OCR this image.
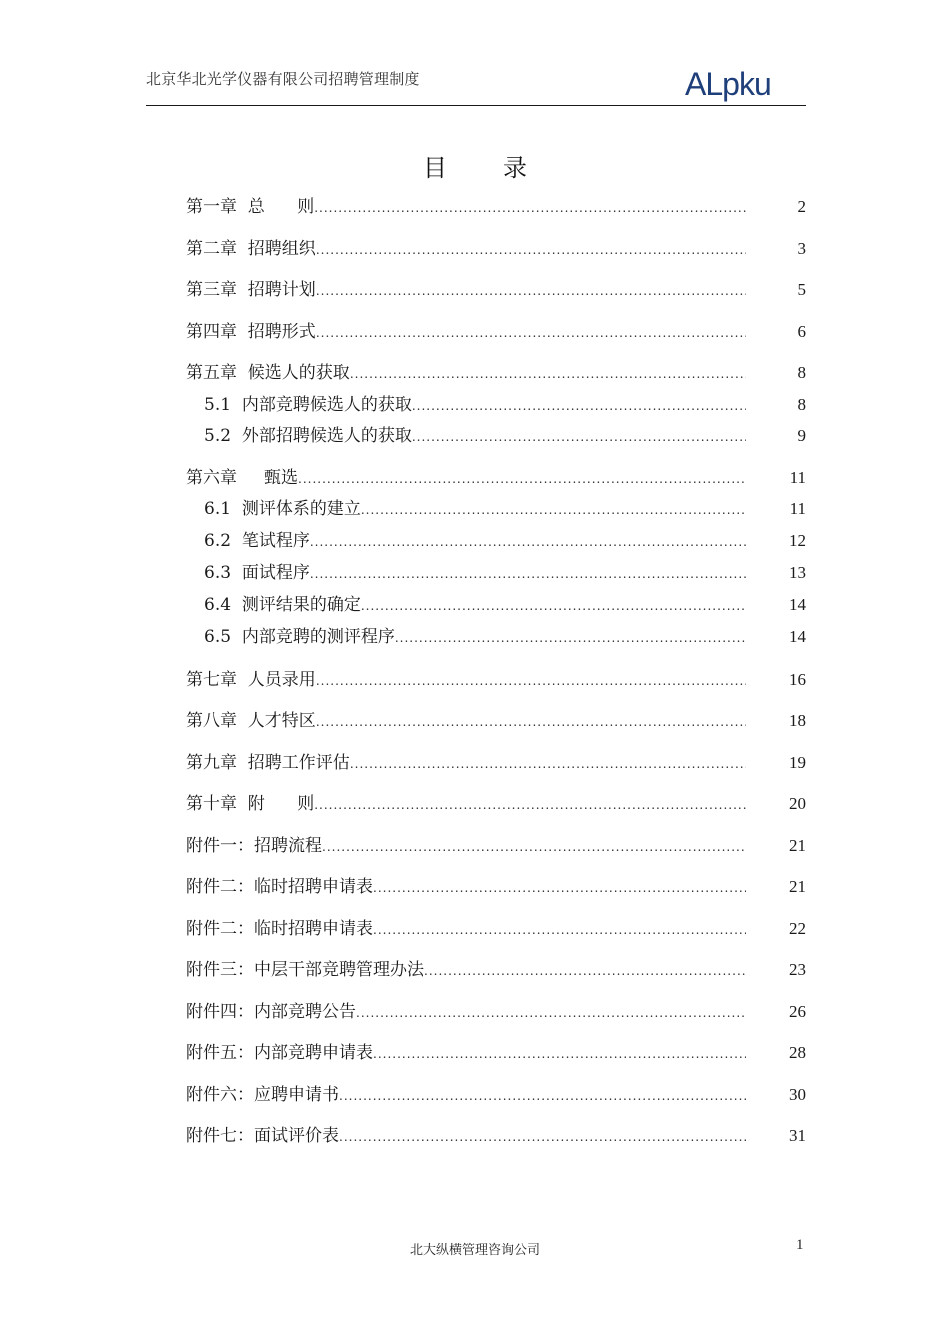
北京华北光学仪器有限公司招聘管理制度	ALpku
目录
第一章  总      则 .....	2
第二章  招聘组织 .....	3
第三章  招聘计划 .....	5
第四章  招聘形式 .....	6
第五章  候选人的获取 .....	8
5.1  内部竞聘候选人的获取 .....	8
5.2  外部招聘候选人的获取 .....	9
第六章     甄选 .....	11
6.1  测评体系的建立 .....	11
6.2  笔试程序 .....	12
6.3  面试程序 .....	13
6.4  测评结果的确定 .....	14
6.5  内部竞聘的测评程序 .....	14
第七章  人员录用 .....	16
第八章  人才特区 .....	18
第九章  招聘工作评估 .....	19
第十章  附      则 .....	20
附件一：招聘流程 .....	21
附件二：临时招聘申请表 .....	21
附件二：临时招聘申请表 .....	22
附件三：中层干部竞聘管理办法 .....	23
附件四：内部竞聘公告 .....	26
附件五：内部竞聘申请表 .....	28
附件六：应聘申请书 .....	30
附件七：面试评价表 .....	31
北大纵横管理咨询公司	1
